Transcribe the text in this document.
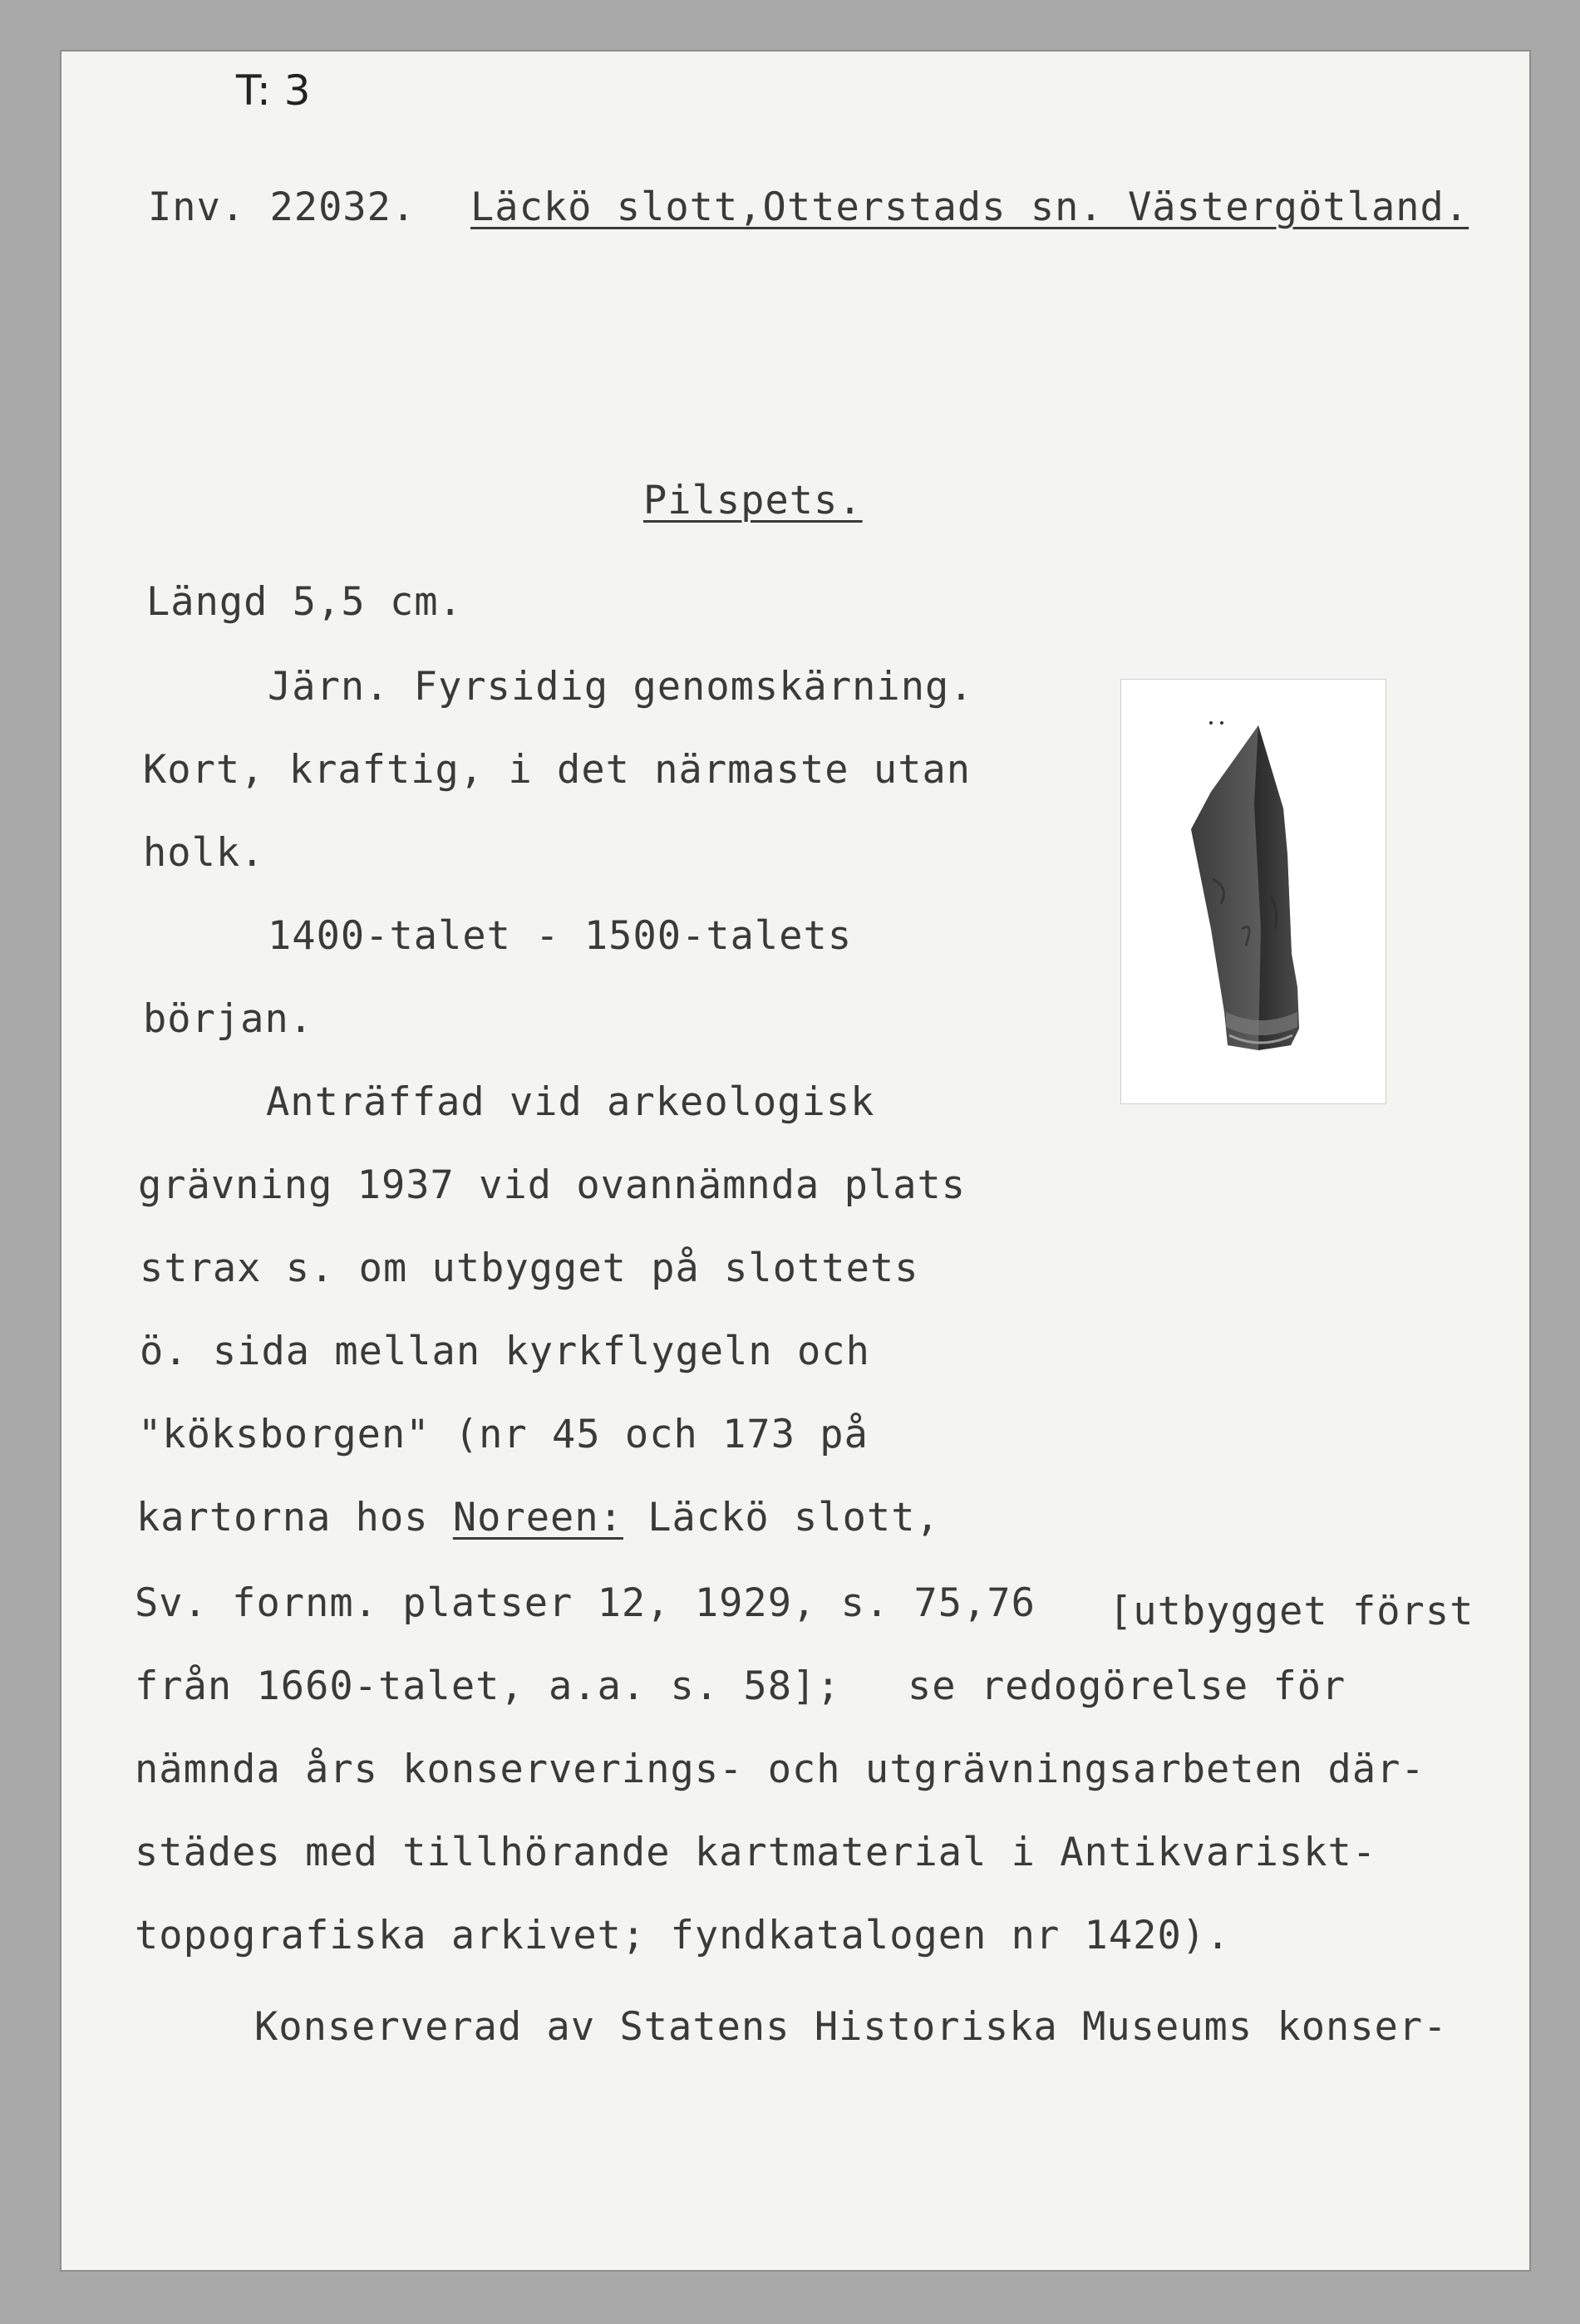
T: 3
Inv. 22032. Läckö slott,Otterstads sn. Västergötland.
Pilspets.
Längd 5,5 cm.
Järn. Fyrsidig genomskärning.
Kort, kraftig, i det närmaste utan
holk.
1400-talet - 1500-talets
början.
Anträffad vid arkeologisk
grävning 1937 vid ovannämnda plats
strax s. om utbygget på slottets
ö. sida mellan kyrkflygeln och
"köksborgen" (nr 45 och 173 på
kartorna hos Noreen: Läckö slott,
Sv. fornm. platser 12, 1929, s. 75,76 [utbygget först
från 1660-talet, a.a. s. 58]; se redogörelse för
nämnda års konserverings- och utgrävningsarbeten där-
städes med tillhörande kartmaterial i Antikvariskt-
topografiska arkivet; fyndkatalogen nr 1420).
Konserverad av Statens Historiska Museums konser-
